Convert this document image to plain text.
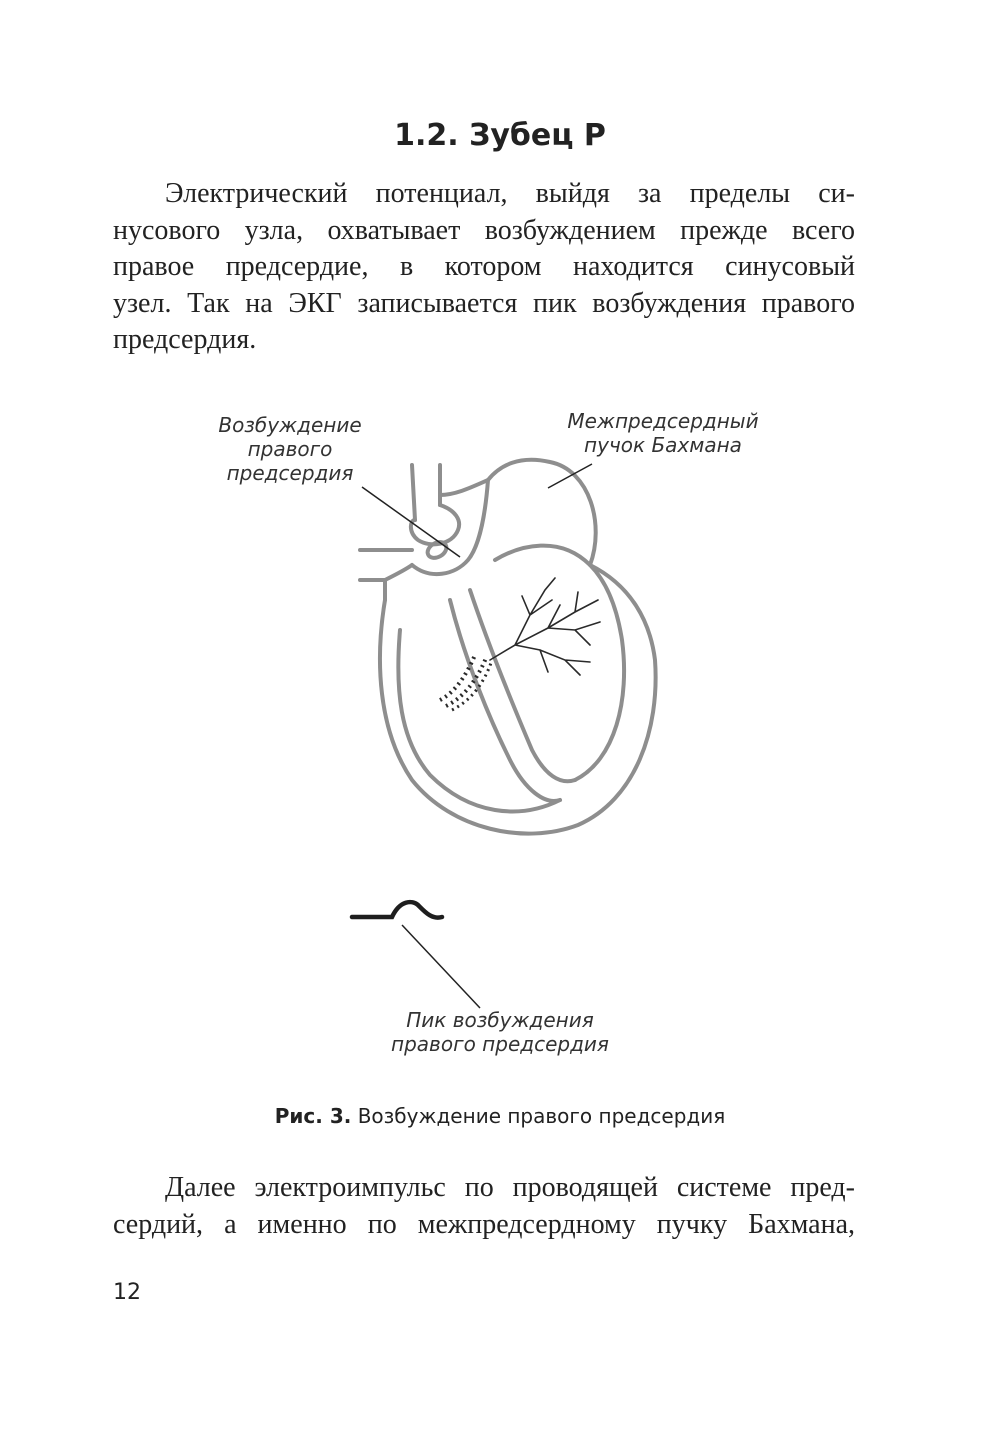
1.2. Зубец Р
Электрический потенциал, выйдя за пределы си-
нусового узла, охватывает возбуждением прежде всего
правое предсердие, в котором находится синусовый
узел. Так на ЭКГ записывается пик возбуждения правого
предсердия.
Возбуждение
правого
предсердия
Межпредсердный
пучок Бахмана
Пик возбуждения
правого предсердия

Рис. 3. Возбуждение правого предсердия

Далее электроимпульс по проводящей системе пред-
сердий, а именно по межпредсердному пучку Бахмана,
12
